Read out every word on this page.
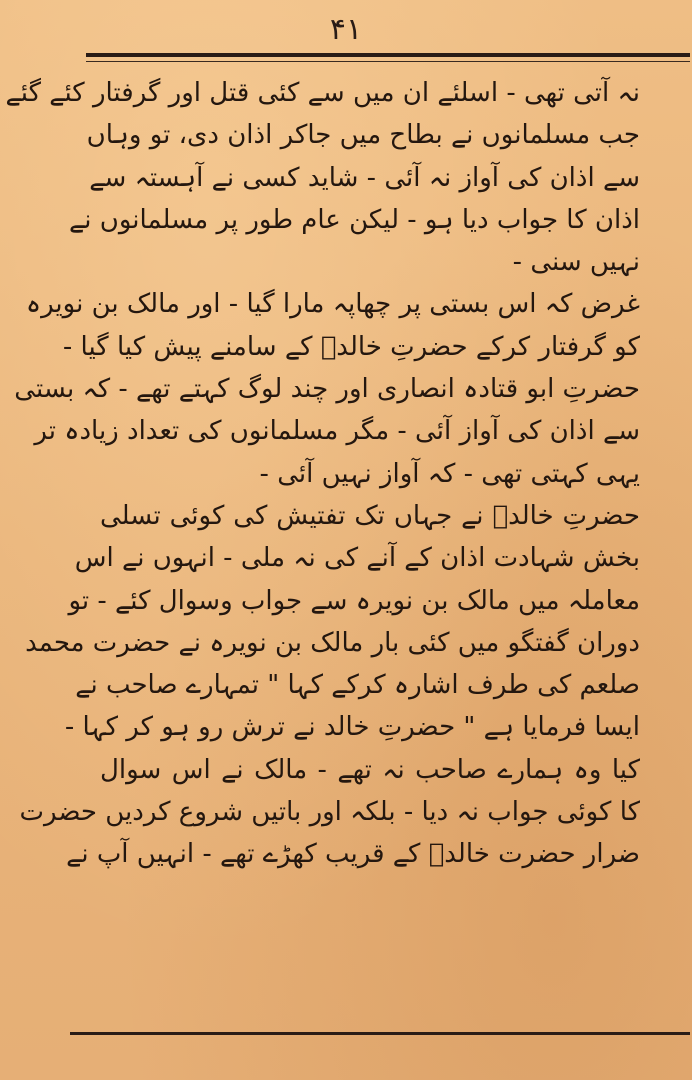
۴۱
نہ آتی تھی - اسلئے ان میں سے کئی قتل اور گرفتار کئے گئے
جب مسلمانوں نے بطاح میں جاکر اذان دی، تو وہاں
سے اذان کی آواز نہ آئی - شاید کسی نے آہستہ سے
اذان کا جواب دیا ہو - لیکن عام طور پر مسلمانوں نے
نہیں سنی -
غرض کہ اس بستی پر چھاپہ مارا گیا - اور مالک بن نویرہ
کو گرفتار کرکے حضرتِ خالدؓ کے سامنے پیش کیا گیا -
حضرتِ ابو قتادہ انصاری اور چند لوگ کہتے تھے - کہ بستی
سے اذان کی آواز آئی - مگر مسلمانوں کی تعداد زیادہ تر
یہی کہتی تھی - کہ آواز نہیں آئی -
حضرتِ خالدؓ نے جہاں تک تفتیش کی کوئی تسلی
بخش شہادت اذان کے آنے کی نہ ملی - انہوں نے اس
معاملہ میں مالک بن نویرہ سے جواب وسوال کئے - تو
دوران گفتگو میں کئی بار مالک بن نویرہ نے حضرت محمد
صلعم کی طرف اشارہ کرکے کہا " تمہارے صاحب نے
ایسا فرمایا ہے " حضرتِ خالد نے ترش رو ہو کر کہا -
کیا وہ ہمارے صاحب نہ تھے - مالک نے اس سوال
کا کوئی جواب نہ دیا - بلکہ اور باتیں شروع کردیں حضرت
ضرار حضرت خالدؓ کے قریب کھڑے تھے - انہیں آپ نے
